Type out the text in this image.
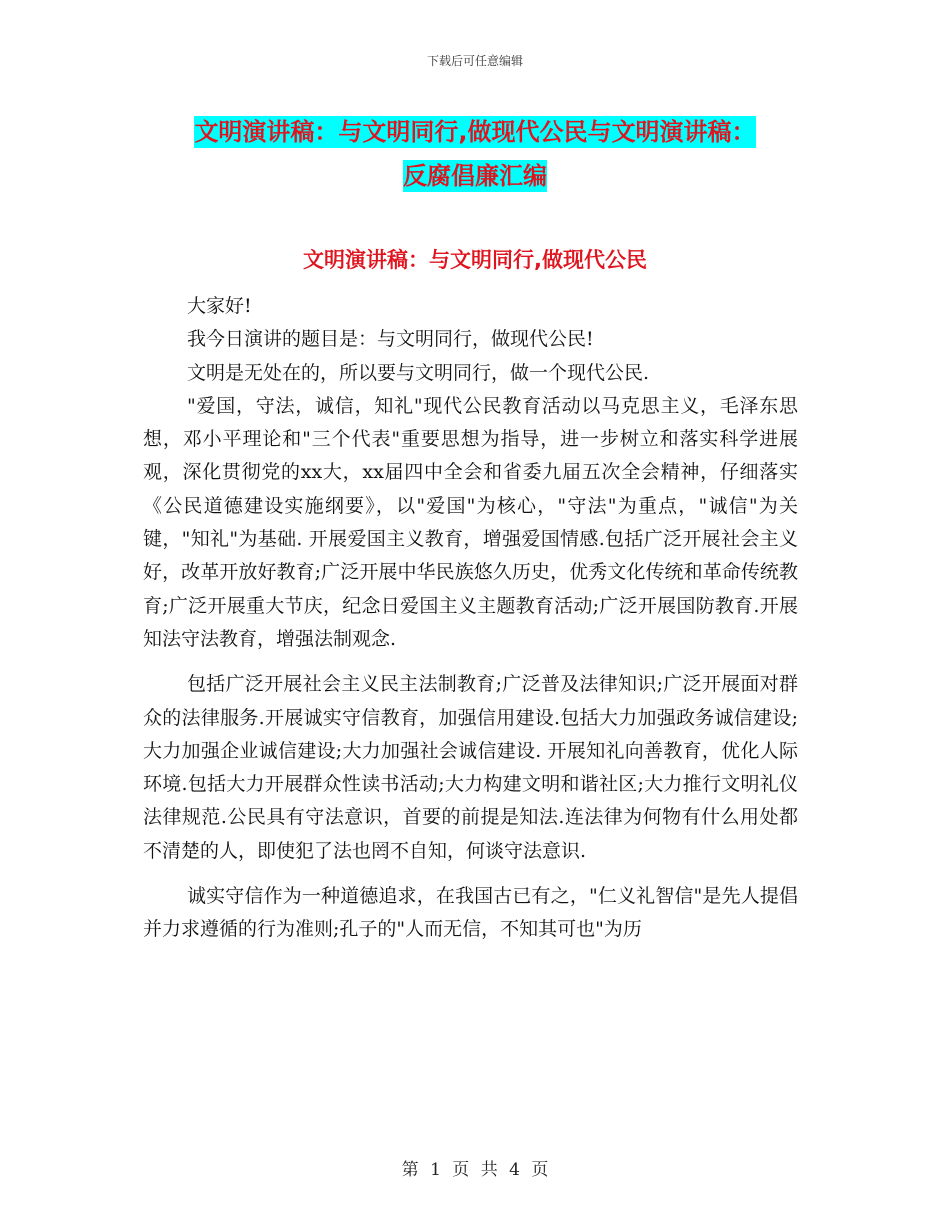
下载后可任意编辑
文明演讲稿：与文明同行,做现代公民与文明演讲稿：
反腐倡廉汇编
文明演讲稿：与文明同行,做现代公民

大家好!

我今日演讲的题目是：与文明同行，做现代公民!

文明是无处在的，所以要与文明同行，做一个现代公民.

"爱国，守法，诚信，知礼"现代公民教育活动以马克思主义，毛泽东思想，邓小平理论和"三个代表"重要思想为指导，进一步树立和落实科学进展观，深化贯彻党的xx大，xx届四中全会和省委九届五次全会精神，仔细落实《公民道德建设实施纲要》，以"爱国"为核心，"守法"为重点，"诚信"为关键，"知礼"为基础. 开展爱国主义教育，增强爱国情感.包括广泛开展社会主义好，改革开放好教育;广泛开展中华民族悠久历史，优秀文化传统和革命传统教育;广泛开展重大节庆，纪念日爱国主义主题教育活动;广泛开展国防教育.开展知法守法教育，增强法制观念.

包括广泛开展社会主义民主法制教育;广泛普及法律知识;广泛开展面对群众的法律服务.开展诚实守信教育，加强信用建设.包括大力加强政务诚信建设;大力加强企业诚信建设;大力加强社会诚信建设. 开展知礼向善教育，优化人际环境.包括大力开展群众性读书活动;大力构建文明和谐社区;大力推行文明礼仪法律规范.公民具有守法意识，首要的前提是知法.连法律为何物有什么用处都不清楚的人，即使犯了法也罔不自知，何谈守法意识.

诚实守信作为一种道德追求，在我国古已有之，"仁义礼智信"是先人提倡并力求遵循的行为准则;孔子的"人而无信，不知其可也"为历

第 1 页 共 4 页
